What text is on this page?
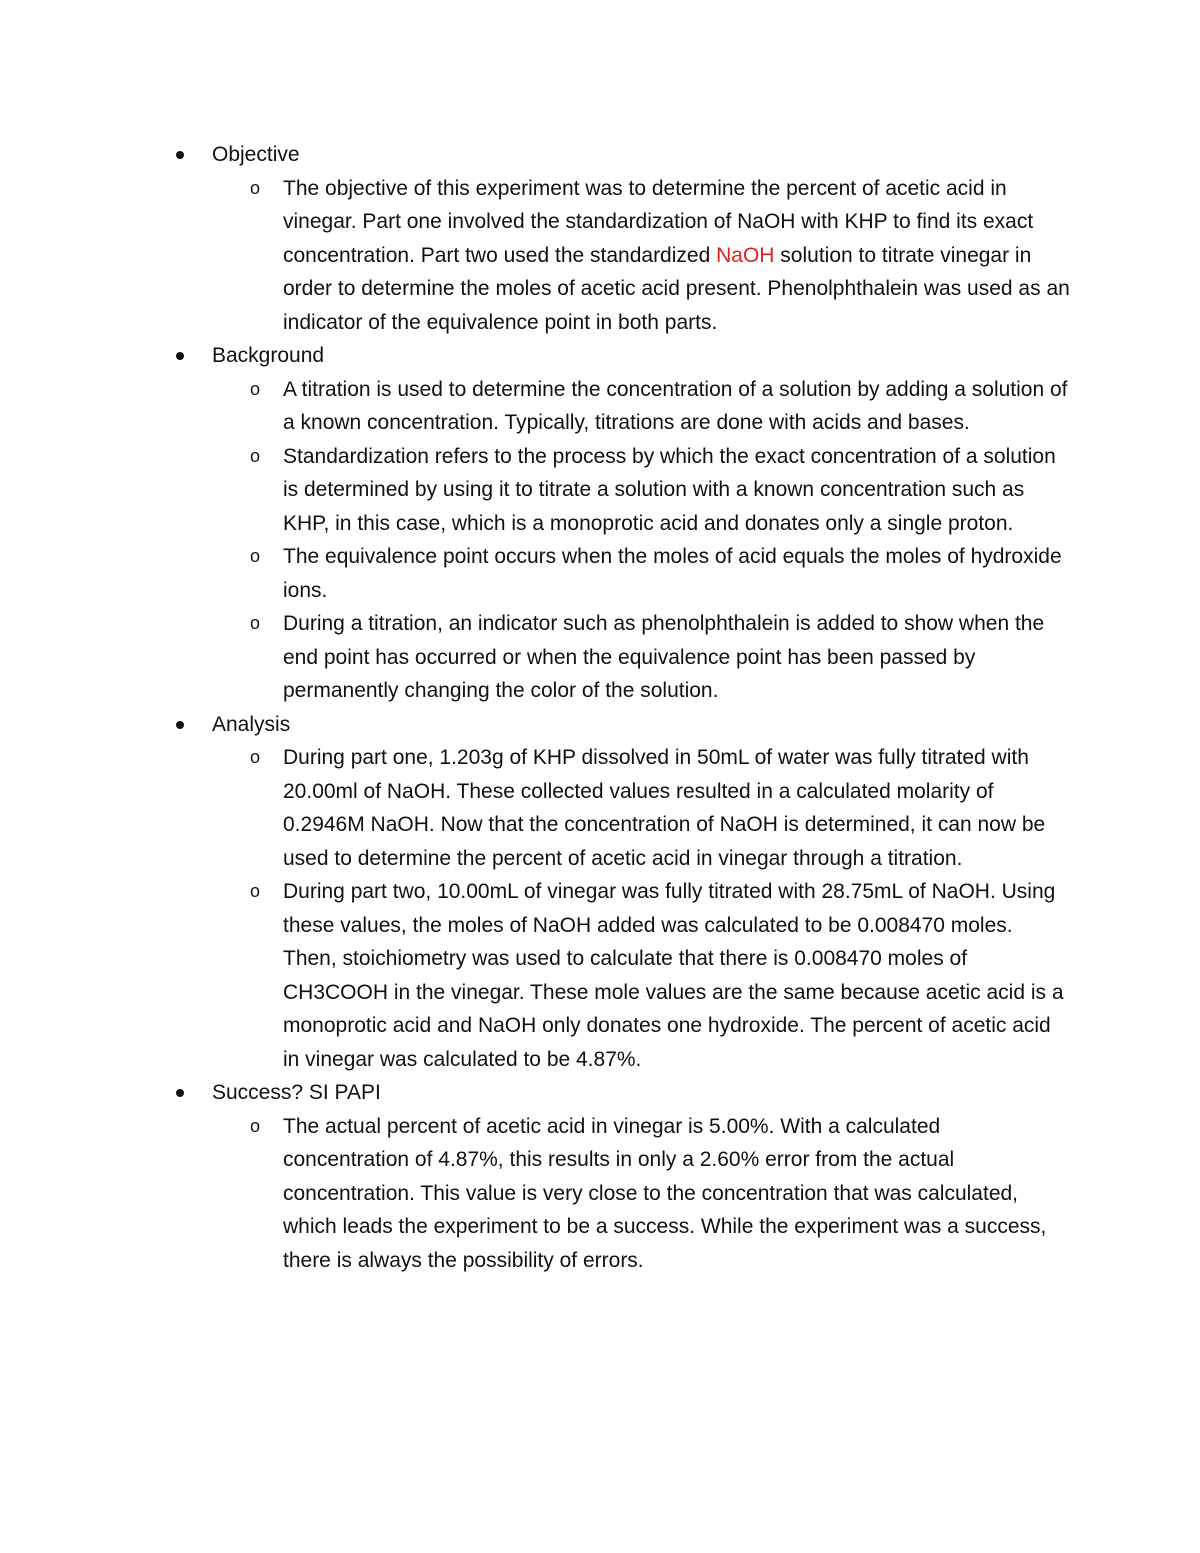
Objective
o The objective of this experiment was to determine the percent of acetic acid in vinegar. Part one involved the standardization of NaOH with KHP to find its exact concentration. Part two used the standardized NaOH solution to titrate vinegar in order to determine the moles of acetic acid present. Phenolphthalein was used as an indicator of the equivalence point in both parts.
Background
o A titration is used to determine the concentration of a solution by adding a solution of a known concentration. Typically, titrations are done with acids and bases.
o Standardization refers to the process by which the exact concentration of a solution is determined by using it to titrate a solution with a known concentration such as KHP, in this case, which is a monoprotic acid and donates only a single proton.
o The equivalence point occurs when the moles of acid equals the moles of hydroxide ions.
o During a titration, an indicator such as phenolphthalein is added to show when the end point has occurred or when the equivalence point has been passed by permanently changing the color of the solution.
Analysis
o During part one, 1.203g of KHP dissolved in 50mL of water was fully titrated with 20.00ml of NaOH. These collected values resulted in a calculated molarity of 0.2946M NaOH. Now that the concentration of NaOH is determined, it can now be used to determine the percent of acetic acid in vinegar through a titration.
o During part two, 10.00mL of vinegar was fully titrated with 28.75mL of NaOH. Using these values, the moles of NaOH added was calculated to be 0.008470 moles. Then, stoichiometry was used to calculate that there is 0.008470 moles of CH3COOH in the vinegar. These mole values are the same because acetic acid is a monoprotic acid and NaOH only donates one hydroxide. The percent of acetic acid in vinegar was calculated to be 4.87%.
Success? SI PAPI
o The actual percent of acetic acid in vinegar is 5.00%. With a calculated concentration of 4.87%, this results in only a 2.60% error from the actual concentration. This value is very close to the concentration that was calculated, which leads the experiment to be a success. While the experiment was a success, there is always the possibility of errors.
